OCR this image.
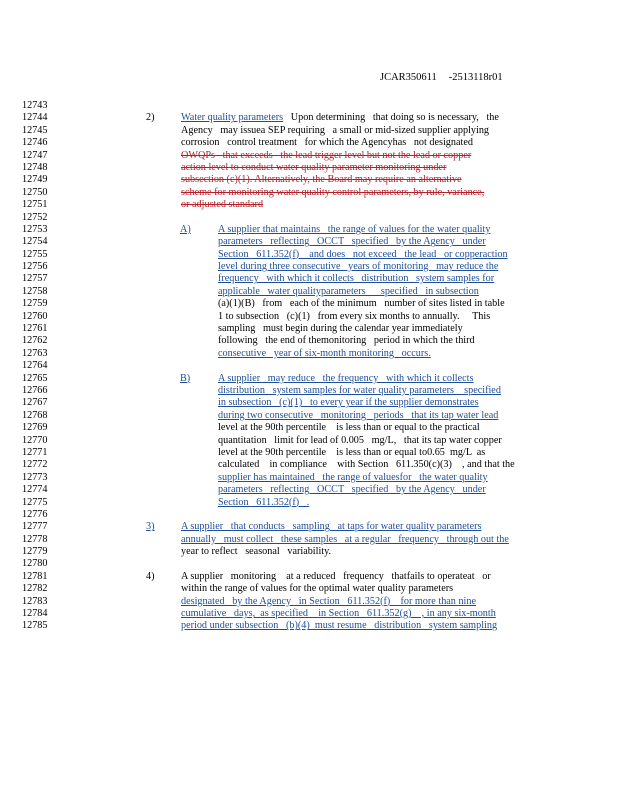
JCAR350611 -2513118r01
12743
12744	2)	Water quality parameters   Upon determining   that doing so is necessary,   the
12745	Agency   may issuea SEP requiring   a small or mid-sized supplier applying
12746	corrosion   control treatment   for which the Agencyhas   not designated
12747	OWQPs   that exceeds   the lead trigger level but not the lead or copper
12748	action level to conduct water quality parameter monitoring under
12749	subsection (c)(1). Alternatively, the Board may require an alternative
12750	scheme for monitoring water quality control parameters, by rule, variance,
12751	or adjusted standard
12752
12753	A)	A supplier that maintains   the range of values for the water quality
12754	parameters   reflecting   OCCT   specified   by the Agency   under
12755	Section   611.352(f)    and does   not exceed   the lead   or copperaction
12756	level during three consecutive   years of monitoring   may reduce the
12757	frequency   with which it collects   distribution   system samples for
12758	applicable   water qualityparameters      specified   in subsection
12759	(a)(1)(B)   from   each of the minimum   number of sites listed in table
12760	1 to subsection   (c)(1)   from every six months to annually.     This
12761	sampling   must begin during the calendar year immediately
12762	following   the end of themonitoring   period in which the third
12763	consecutive   year of six-month monitoring   occurs.
12764
12765	B)	A supplier   may reduce   the frequency   with which it collects
12766	distribution   system samples for water quality parameters    specified
12767	in subsection   (c)(1)   to every year if the supplier demonstrates
12768	during two consecutive   monitoring   periods   that its tap water lead
12769	level at the 90th percentile    is less than or equal to the practical
12770	quantitation   limit for lead of 0.005   mg/L,   that its tap water copper
12771	level at the 90th percentile    is less than or equal to0.65  mg/L  as
12772	calculated    in compliance    with Section   611.350(c)(3)    , and that the
12773	supplier has maintained   the range of valuesfor   the water quality
12774	parameters   reflecting   OCCT   specified   by the Agency   under
12775	Section   611.352(f)   .
12776
12777	3)	A supplier   that conducts   sampling   at taps for water quality parameters
12778	annually   must collect   these samples   at a regular   frequency   through out the
12779	year to reflect   seasonal   variability.
12780
12781	4)	A supplier   monitoring    at a reduced   frequency   thatfails to operateat   or
12782	within the range of values for the optimal water quality parameters
12783	designated   by the Agency   in Section   611.352(f)    for more than nine
12784	cumulative   days,  as specified    in Section   611.352(g)    , in any six-month
12785	period under subsection   (b)(4)  must resume   distribution   system sampling
